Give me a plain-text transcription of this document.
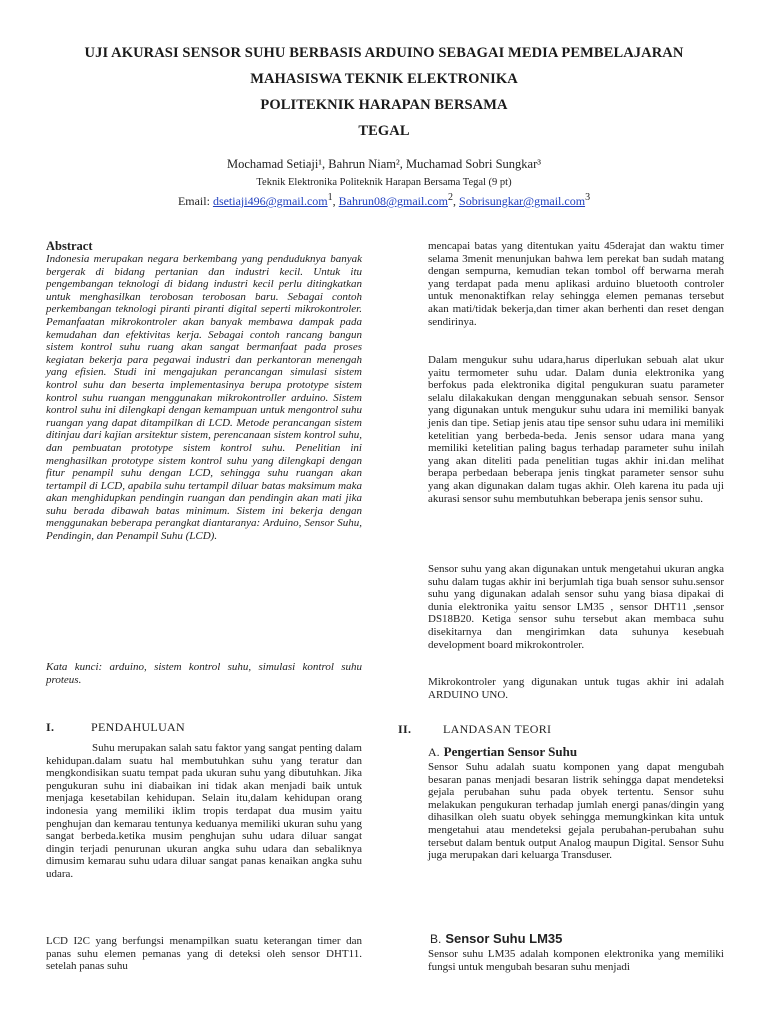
UJI AKURASI SENSOR SUHU BERBASIS ARDUINO SEBAGAI MEDIA PEMBELAJARAN
MAHASISWA TEKNIK ELEKTRONIKA
POLITEKNIK HARAPAN BERSAMA
TEGAL
Mochamad Setiaji¹, Bahrun Niam², Muchamad Sobri Sungkar³
Teknik Elektronika Politeknik Harapan Bersama Tegal (9 pt)
Email: dsetiaji496@gmail.com$^1$, Bahrun08@gmail.com$^2$, Sobrisungkar@gmail.com$^3$
Abstract

Indonesia merupakan negara berkembang yang penduduknya banyak bergerak di bidang pertanian dan industri kecil. Untuk itu pengembangan teknologi di bidang industri kecil perlu ditingkatkan untuk menghasilkan terobosan terobosan baru. Sebagai contoh perkembangan teknologi piranti piranti digital seperti mikrokontroler. Pemanfaatan mikrokontroler akan banyak membawa dampak pada kemudahan dan efektivitas kerja. Sebagai contoh rancang bangun sistem kontrol suhu ruang akan sangat bermanfaat pada proses kegiatan bekerja para pegawai industri dan perkantoran menengah yang efisien. Studi ini mengajukan perancangan simulasi sistem kontrol suhu dan beserta implementasinya berupa prototype sistem kontrol suhu ruangan menggunakan mikrokontroller arduino. Sistem kontrol suhu ini dilengkapi dengan kemampuan untuk mengontrol suhu ruangan yang dapat ditampilkan di LCD. Metode perancangan sistem ditinjau dari kajian arsitektur sistem, perencanaan sistem kontrol suhu, dan pembuatan prototype sistem kontrol suhu. Penelitian ini menghasilkan prototype sistem kontrol suhu yang dilengkapi dengan fitur penampil suhu dengan LCD, sehingga suhu ruangan akan tertampil di LCD, apabila suhu tertampil diluar batas maksimum maka akan menghidupkan pendingin ruangan dan pendingin akan mati jika suhu berada dibawah batas minimum. Sistem ini bekerja dengan menggunakan beberapa perangkat diantaranya: Arduino, Sensor Suhu, Pendingin, dan Penampil Suhu (LCD).

Kata kunci: arduino, sistem kontrol suhu, simulasi kontrol suhu proteus.

I.	PENDAHULUAN

Suhu merupakan salah satu faktor yang sangat penting dalam kehidupan.dalam suatu hal membutuhkan suhu yang teratur dan mengkondisikan suatu tempat pada ukuran suhu yang dibutuhkan. Jika pengukuran suhu ini diabaikan ini tidak akan menjadi baik untuk menjaga kesetabilan kehidupan. Selain itu,dalam kehidupan orang indonesia yang memiliki iklim tropis terdapat dua musim yaitu penghujan dan kemarau tentunya keduanya memiliki ukuran suhu yang sangat berbeda.ketika musim penghujan suhu udara diluar sangat dingin terjadi penurunan ukuran angka suhu udara dan sebaliknya dimusim kemarau suhu udara diluar sangat panas kenaikan angka suhu udara.

LCD I2C yang berfungsi menampilkan suatu keterangan timer dan panas suhu elemen pemanas yang di deteksi oleh sensor DHT11. setelah panas suhu

mencapai batas yang ditentukan yaitu 45derajat dan waktu timer selama 3menit menunjukan bahwa lem perekat ban sudah matang dengan sempurna, kemudian tekan tombol off berwarna merah yang terdapat pada menu aplikasi arduino bluetooth controler untuk menonaktifkan relay sehingga elemen pemanas tersebut akan mati/tidak bekerja,dan timer akan berhenti dan reset dengan sendirinya.

Dalam mengukur suhu udara,harus diperlukan sebuah alat ukur yaitu termometer suhu udar. Dalam dunia elektronika yang berfokus pada elektronika digital pengukuran suatu parameter selalu dilakakukan dengan menggunakan sebuah sensor. Sensor yang digunakan untuk mengukur suhu udara ini memiliki banyak jenis dan tipe. Setiap jenis atau tipe sensor suhu udara ini memiliki ketelitian yang berbeda-beda. Jenis sensor udara mana yang memiliki ketelitian paling bagus terhadap parameter suhu inilah yang akan diteliti pada penelitian tugas akhir ini.dan melihat berapa perbedaan beberapa jenis tingkat parameter sensor suhu yang akan digunakan dalam tugas akhir. Oleh karena itu pada uji akurasi sensor suhu membutuhkan beberapa jenis sensor suhu.

Sensor suhu yang akan digunakan untuk mengetahui ukuran angka suhu dalam tugas akhir ini berjumlah tiga buah sensor suhu.sensor suhu yang digunakan adalah sensor suhu yang biasa dipakai di dunia elektronika yaitu sensor LM35 , sensor DHT11 ,sensor DS18B20. Ketiga sensor suhu tersebut akan membaca suhu disekitarnya dan mengirimkan data suhunya kesebuah development board mikrokontroler.

Mikrokontroler yang digunakan untuk tugas akhir ini adalah ARDUINO UNO.

II.	LANDASAN TEORI
A. Pengertian Sensor Suhu

Sensor Suhu adalah suatu komponen yang dapat mengubah besaran panas menjadi besaran listrik sehingga dapat mendeteksi gejala perubahan suhu pada obyek tertentu. Sensor suhu melakukan pengukuran terhadap jumlah energi panas/dingin yang dihasilkan oleh suatu obyek sehingga memungkinkan kita untuk mengetahui atau mendeteksi gejala perubahan-perubahan suhu tersebut dalam bentuk output Analog maupun Digital. Sensor Suhu juga merupakan dari keluarga Transduser.

B. Sensor Suhu LM35

Sensor suhu LM35 adalah komponen elektronika yang memiliki fungsi untuk mengubah besaran suhu menjadi
